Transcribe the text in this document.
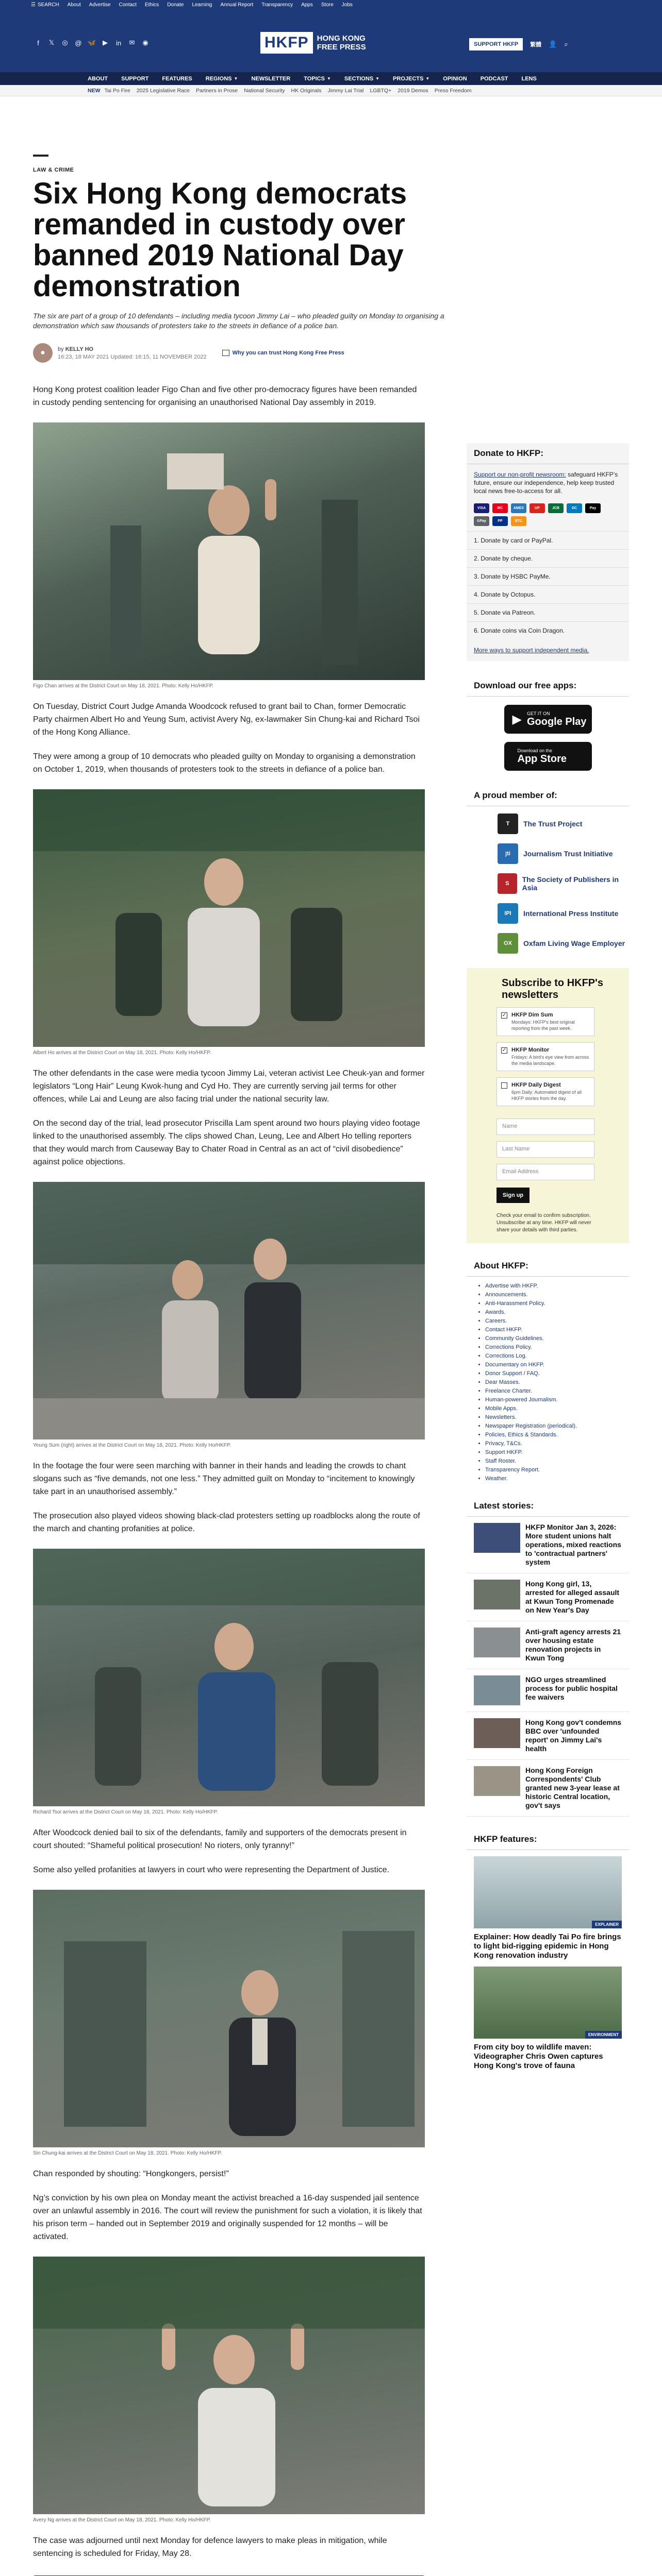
☰ SEARCH About Advertise Contact Ethics Donate Learning Annual Report Transparency Apps Store Jobs
f	𝕏	◎	@ 🦋 ▶	in	✉	◉	HKFP	HONG KONG FREE PRESS	SUPPORT HKFP	繁體 👤 ⌕
ABOUT SUPPORT FEATURES REGIONS ▼ NEWSLETTER TOPICS ▼ SECTIONS ▼ PROJECTS ▼ OPINION PODCAST LENS
NEW Tai Po Fire 2025 Legislative Race Partners in Prose National Security HK Originals Jimmy Lai Trial LGBTQ+ 2019 Demos Press Freedom
LAW & CRIME
Six Hong Kong democrats remanded in custody over banned 2019 National Day demonstration
The six are part of a group of 10 defendants – including media tycoon Jimmy Lai – who pleaded guilty on Monday to organising a demonstration which saw thousands of protesters take to the streets in defiance of a police ban.
●	by KELLY HO
16:23, 18 MAY 2021 Updated: 16:15, 11 NOVEMBER 2022
Why you can trust Hong Kong Free Press
Hong Kong protest coalition leader Figo Chan and five other pro-democracy figures have been remanded in custody pending sentencing for organising an unauthorised National Day assembly in 2019.
Figo Chan arrives at the District Court on May 18, 2021. Photo: Kelly Ho/HKFP.
On Tuesday, District Court Judge Amanda Woodcock refused to grant bail to Chan, former Democratic Party chairmen Albert Ho and Yeung Sum, activist Avery Ng, ex-lawmaker Sin Chung-kai and Richard Tsoi of the Hong Kong Alliance.
They were among a group of 10 democrats who pleaded guilty on Monday to organising a demonstration on October 1, 2019, when thousands of protesters took to the streets in defiance of a police ban.
Albert Ho arrives at the District Court on May 18, 2021. Photo: Kelly Ho/HKFP.
The other defendants in the case were media tycoon Jimmy Lai, veteran activist Lee Cheuk-yan and former legislators “Long Hair” Leung Kwok-hung and Cyd Ho. They are currently serving jail terms for other offences, while Lai and Leung are also facing trial under the national security law.
On the second day of the trial, lead prosecutor Priscilla Lam spent around two hours playing video footage linked to the unauthorised assembly. The clips showed Chan, Leung, Lee and Albert Ho telling reporters that they would march from Causeway Bay to Chater Road in Central as an act of “civil disobedience” against police objections.
Yeung Sum (right) arrives at the District Court on May 18, 2021. Photo: Kelly Ho/HKFP.
In the footage the four were seen marching with banner in their hands and leading the crowds to chant slogans such as “five demands, not one less.” They admitted guilt on Monday to “incitement to knowingly take part in an unauthorised assembly.”
The prosecution also played videos showing black-clad protesters setting up roadblocks along the route of the march and chanting profanities at police.
Richard Tsoi arrives at the District Court on May 18, 2021. Photo: Kelly Ho/HKFP.
After Woodcock denied bail to six of the defendants, family and supporters of the democrats present in court shouted: “Shameful political prosecution! No rioters, only tyranny!”
Some also yelled profanities at lawyers in court who were representing the Department of Justice.
Sin Chung-kai arrives at the District Court on May 18, 2021. Photo: Kelly Ho/HKFP.
Chan responded by shouting: “Hongkongers, persist!”
Ng’s conviction by his own plea on Monday meant the activist breached a 16-day suspended jail sentence over an unlawful assembly in 2016. The court will review the punishment for such a violation, it is likely that his prison term – handed out in September 2019 and originally suspended for 12 months – will be activated.
Avery Ng arrives at the District Court on May 18, 2021. Photo: Kelly Ho/HKFP.
The case was adjourned until next Monday for defence lawyers to make pleas in mitigation, while sentencing is scheduled for Friday, May 28.
Donate to HKFP:
Support our non-profit newsroom: safeguard HKFP’s future, ensure our independence, help keep trusted local news free-to-access for all.
VISA	MC	AMEX	UP	JCB	DC	Pay
GPay	PP	BTC
1. Donate by card or PayPal.
2. Donate by cheque.
3. Donate by HSBC PayMe.
4. Donate by Octopus.
5. Donate via Patreon.
6. Donate coins via Coin Dragon.
More ways to support independent media.
Download our free apps:
▶ GET IT ON
Google Play
Download on the
App Store
A proud member of:
T	The Trust Project
jti	Journalism Trust Initiative
S	The Society of Publishers in Asia
IPI	International Press Institute
OX	Oxfam Living Wage Employer
Subscribe to HKFP's newsletters
✓ HKFP Dim Sum
Mondays: HKFP's best original reporting from the past week.
✓ HKFP Monitor
Fridays: A bird's eye view from across the media landscape.
HKFP Daily Digest
6pm Daily: Automated digest of all HKFP stories from the day.
Name
Last Name
Email Address
Sign up
Check your email to confirm subscription. Unsubscribe at any time. HKFP will never share your details with third parties.
About HKFP:
• Advertise with HKFP.
• Announcements.
• Anti-Harassment Policy.
• Awards.
• Careers.
• Contact HKFP.
• Community Guidelines.
• Corrections Policy.
• Corrections Log.
• Documentary on HKFP.
• Donor Support / FAQ.
• Dear Masses.
• Freelance Charter.
• Human-powered Journalism.
• Mobile Apps.
• Newsletters.
• Newspaper Registration (periodical).
• Policies, Ethics & Standards.
• Privacy, T&Cs.
• Support HKFP.
• Staff Roster.
• Transparency Report.
• Weather.
Latest stories:
HKFP Monitor Jan 3, 2026: More student unions halt operations, mixed reactions to 'contractual partners' system
Hong Kong girl, 13, arrested for alleged assault at Kwun Tong Promenade on New Year's Day
Anti-graft agency arrests 21 over housing estate renovation projects in Kwun Tong
NGO urges streamlined process for public hospital fee waivers
Hong Kong gov't condemns BBC over 'unfounded report' on Jimmy Lai's health
Hong Kong Foreign Correspondents' Club granted new 3-year lease at historic Central location, gov't says
HKFP features:
EXPLAINER
Explainer: How deadly Tai Po fire brings to light bid-rigging epidemic in Hong Kong renovation industry
ENVIRONMENT
From city boy to wildlife maven: Videographer Chris Owen captures Hong Kong's trove of fauna
